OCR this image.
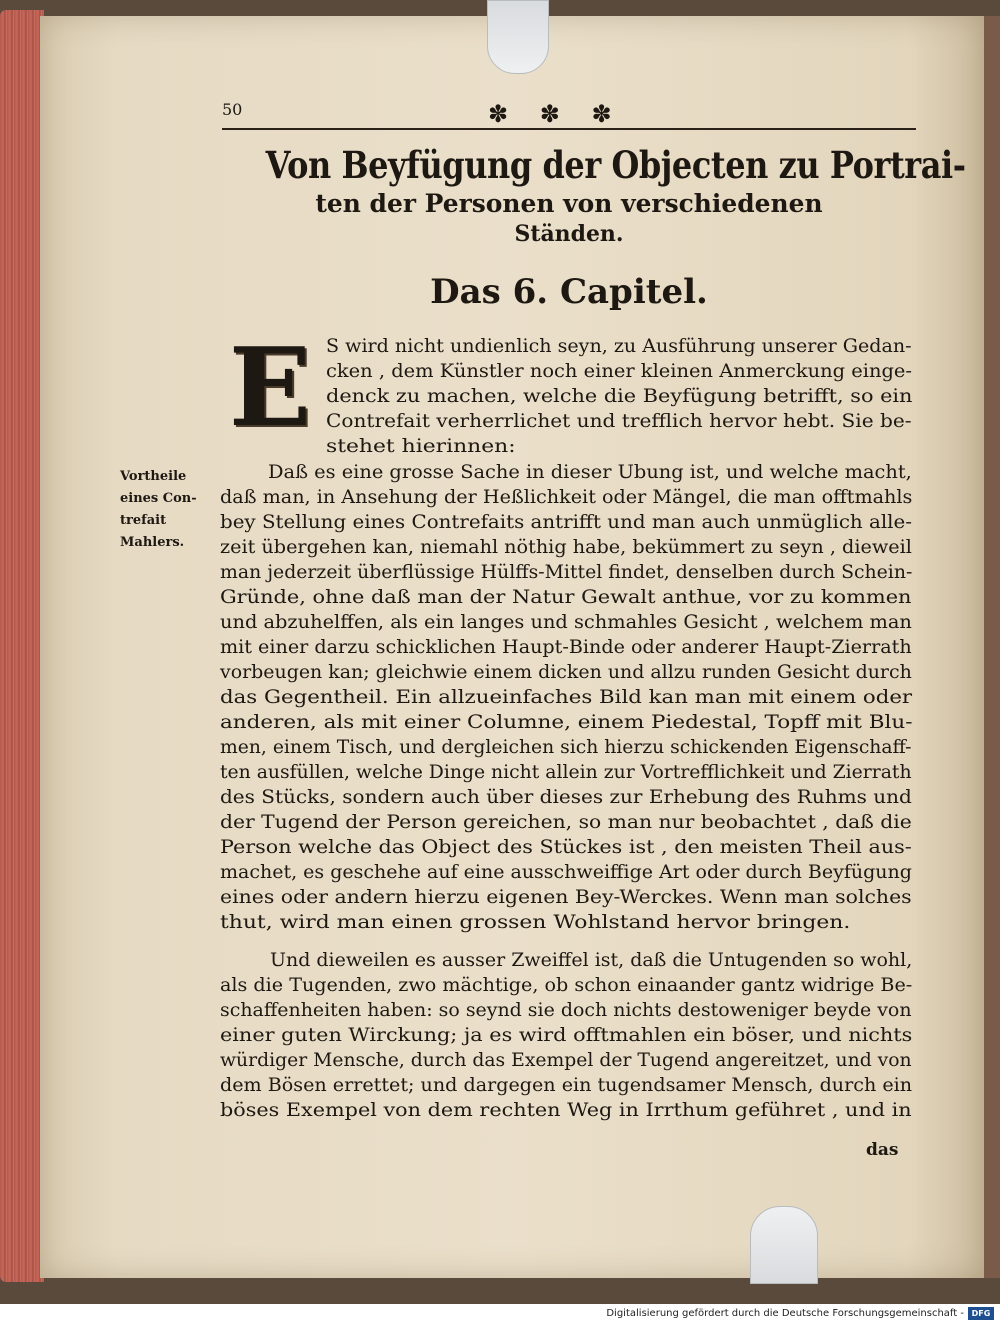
50	✽ ✽ ✽
Von Beyfügung der Objecten zu Portrai-
ten der Personen von verschiedenen
Ständen.
Das 6. Capitel.
E
Vortheile
eines Con-
trefait
Mahlers.
S wird nicht undienlich seyn, zu Ausführung unserer Gedan-
cken , dem Künstler noch einer kleinen Anmerckung einge-
denck zu machen, welche die Beyfügung betrifft, so ein
Contrefait verherrlichet und trefflich hervor hebt. Sie be-
stehet hierinnen:
Daß es eine grosse Sache in dieser Ubung ist, und welche macht,
daß man, in Ansehung der Heßlichkeit oder Mängel, die man offtmahls
bey Stellung eines Contrefaits antrifft und man auch unmüglich alle-
zeit übergehen kan, niemahl nöthig habe, bekümmert zu seyn , dieweil
man jederzeit überflüssige Hülffs-Mittel findet, denselben durch Schein-
Gründe, ohne daß man der Natur Gewalt anthue, vor zu kommen
und abzuhelffen, als ein langes und schmahles Gesicht , welchem man
mit einer darzu schicklichen Haupt-Binde oder anderer Haupt-Zierrath
vorbeugen kan; gleichwie einem dicken und allzu runden Gesicht durch
das Gegentheil. Ein allzueinfaches Bild kan man mit einem oder
anderen, als mit einer Columne, einem Piedestal, Topff mit Blu-
men, einem Tisch, und dergleichen sich hierzu schickenden Eigenschaff-
ten ausfüllen, welche Dinge nicht allein zur Vortrefflichkeit und Zierrath
des Stücks, sondern auch über dieses zur Erhebung des Ruhms und
der Tugend der Person gereichen, so man nur beobachtet , daß die
Person welche das Object des Stückes ist , den meisten Theil aus-
machet, es geschehe auf eine ausschweiffige Art oder durch Beyfügung
eines oder andern hierzu eigenen Bey-Werckes. Wenn man solches
thut, wird man einen grossen Wohlstand hervor bringen.
Und dieweilen es ausser Zweiffel ist, daß die Untugenden so wohl,
als die Tugenden, zwo mächtige, ob schon einaander gantz widrige Be-
schaffenheiten haben: so seynd sie doch nichts destoweniger beyde von
einer guten Wirckung; ja es wird offtmahlen ein böser, und nichts
würdiger Mensche, durch das Exempel der Tugend angereitzet, und von
dem Bösen errettet; und dargegen ein tugendsamer Mensch, durch ein
böses Exempel von dem rechten Weg in Irrthum geführet , und in
das
Digitalisierung gefördert durch die Deutsche Forschungsgemeinschaft - DFG
